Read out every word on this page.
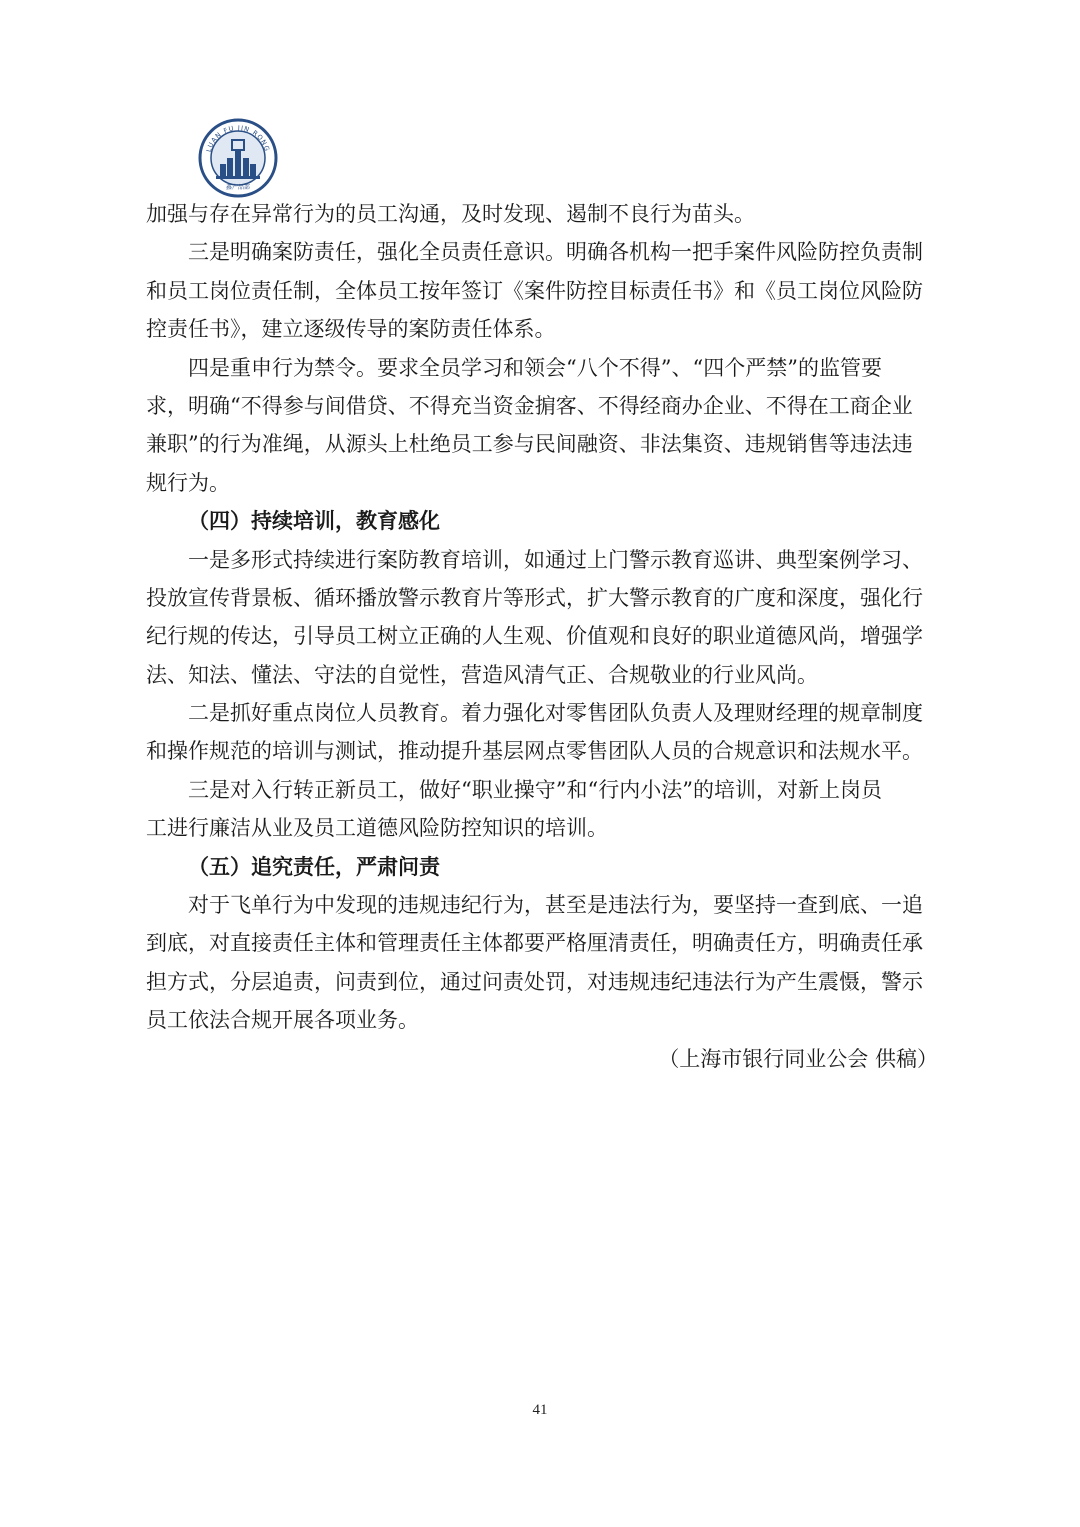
LUAN FU JIN RONG
鑫产品部
加强与存在异常行为的员工沟通，及时发现、遏制不良行为苗头。
三是明确案防责任，强化全员责任意识。明确各机构一把手案件风险防控负责制
和员工岗位责任制，全体员工按年签订《案件防控目标责任书》和《员工岗位风险防
控责任书》，建立逐级传导的案防责任体系。
四是重申行为禁令。要求全员学习和领会“八个不得”、“四个严禁”的监管要
求，明确“不得参与间借贷、不得充当资金掮客、不得经商办企业、不得在工商企业
兼职”的行为准绳，从源头上杜绝员工参与民间融资、非法集资、违规销售等违法违
规行为。
（四）持续培训，教育感化
一是多形式持续进行案防教育培训，如通过上门警示教育巡讲、典型案例学习、
投放宣传背景板、循环播放警示教育片等形式，扩大警示教育的广度和深度，强化行
纪行规的传达，引导员工树立正确的人生观、价值观和良好的职业道德风尚，增强学
法、知法、懂法、守法的自觉性，营造风清气正、合规敬业的行业风尚。
二是抓好重点岗位人员教育。着力强化对零售团队负责人及理财经理的规章制度
和操作规范的培训与测试，推动提升基层网点零售团队人员的合规意识和法规水平。
三是对入行转正新员工，做好“职业操守”和“行内小法”的培训，对新上岗员
工进行廉洁从业及员工道德风险防控知识的培训。
（五）追究责任，严肃问责
对于飞单行为中发现的违规违纪行为，甚至是违法行为，要坚持一查到底、一追
到底，对直接责任主体和管理责任主体都要严格厘清责任，明确责任方，明确责任承
担方式，分层追责，问责到位，通过问责处罚，对违规违纪违法行为产生震慑，警示
员工依法合规开展各项业务。
（上海市银行同业公会 供稿）
41
